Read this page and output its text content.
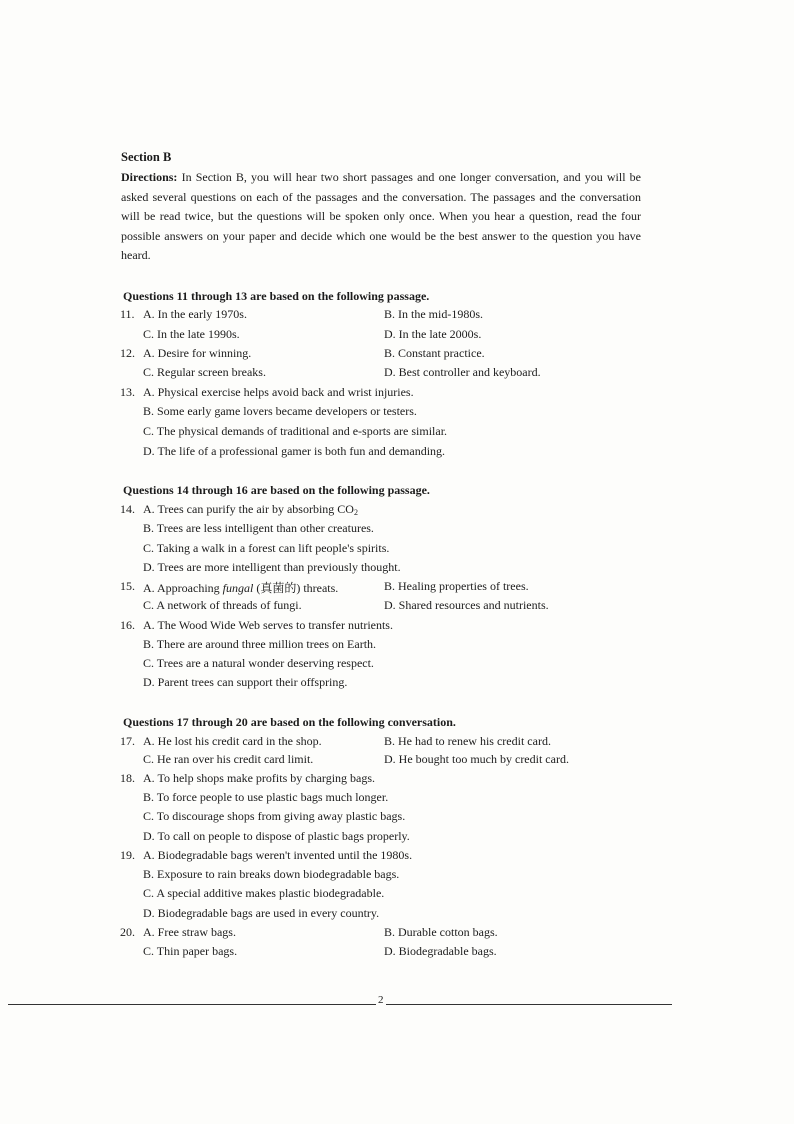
Section B
Directions: In Section B, you will hear two short passages and one longer conversation, and you will be asked several questions on each of the passages and the conversation. The passages and the conversation will be read twice, but the questions will be spoken only once. When you hear a question, read the four possible answers on your paper and decide which one would be the best answer to the question you have heard.
Questions 11 through 13 are based on the following passage.
11. A. In the early 1970s.	B. In the mid-1980s.
C. In the late 1990s.	D. In the late 2000s.
12. A. Desire for winning.	B. Constant practice.
C. Regular screen breaks.	D. Best controller and keyboard.
13. A. Physical exercise helps avoid back and wrist injuries.
B. Some early game lovers became developers or testers.
C. The physical demands of traditional and e-sports are similar.
D. The life of a professional gamer is both fun and demanding.
Questions 14 through 16 are based on the following passage.
14. A. Trees can purify the air by absorbing $CO_2$
B. Trees are less intelligent than other creatures.
C. Taking a walk in a forest can lift people's spirits.
D. Trees are more intelligent than previously thought.
15. A. Approaching fungal (真菌的) threats.	B. Healing properties of trees.
C. A network of threads of fungi.	D. Shared resources and nutrients.
16. A. The Wood Wide Web serves to transfer nutrients.
B. There are around three million trees on Earth.
C. Trees are a natural wonder deserving respect.
D. Parent trees can support their offspring.
Questions 17 through 20 are based on the following conversation.
17. A. He lost his credit card in the shop.	B. He had to renew his credit card.
C. He ran over his credit card limit.	D. He bought too much by credit card.
18. A. To help shops make profits by charging bags.
B. To force people to use plastic bags much longer.
C. To discourage shops from giving away plastic bags.
D. To call on people to dispose of plastic bags properly.
19. A. Biodegradable bags weren't invented until the 1980s.
B. Exposure to rain breaks down biodegradable bags.
C. A special additive makes plastic biodegradable.
D. Biodegradable bags are used in every country.
20. A. Free straw bags.	B. Durable cotton bags.
C. Thin paper bags.	D. Biodegradable bags.
2
